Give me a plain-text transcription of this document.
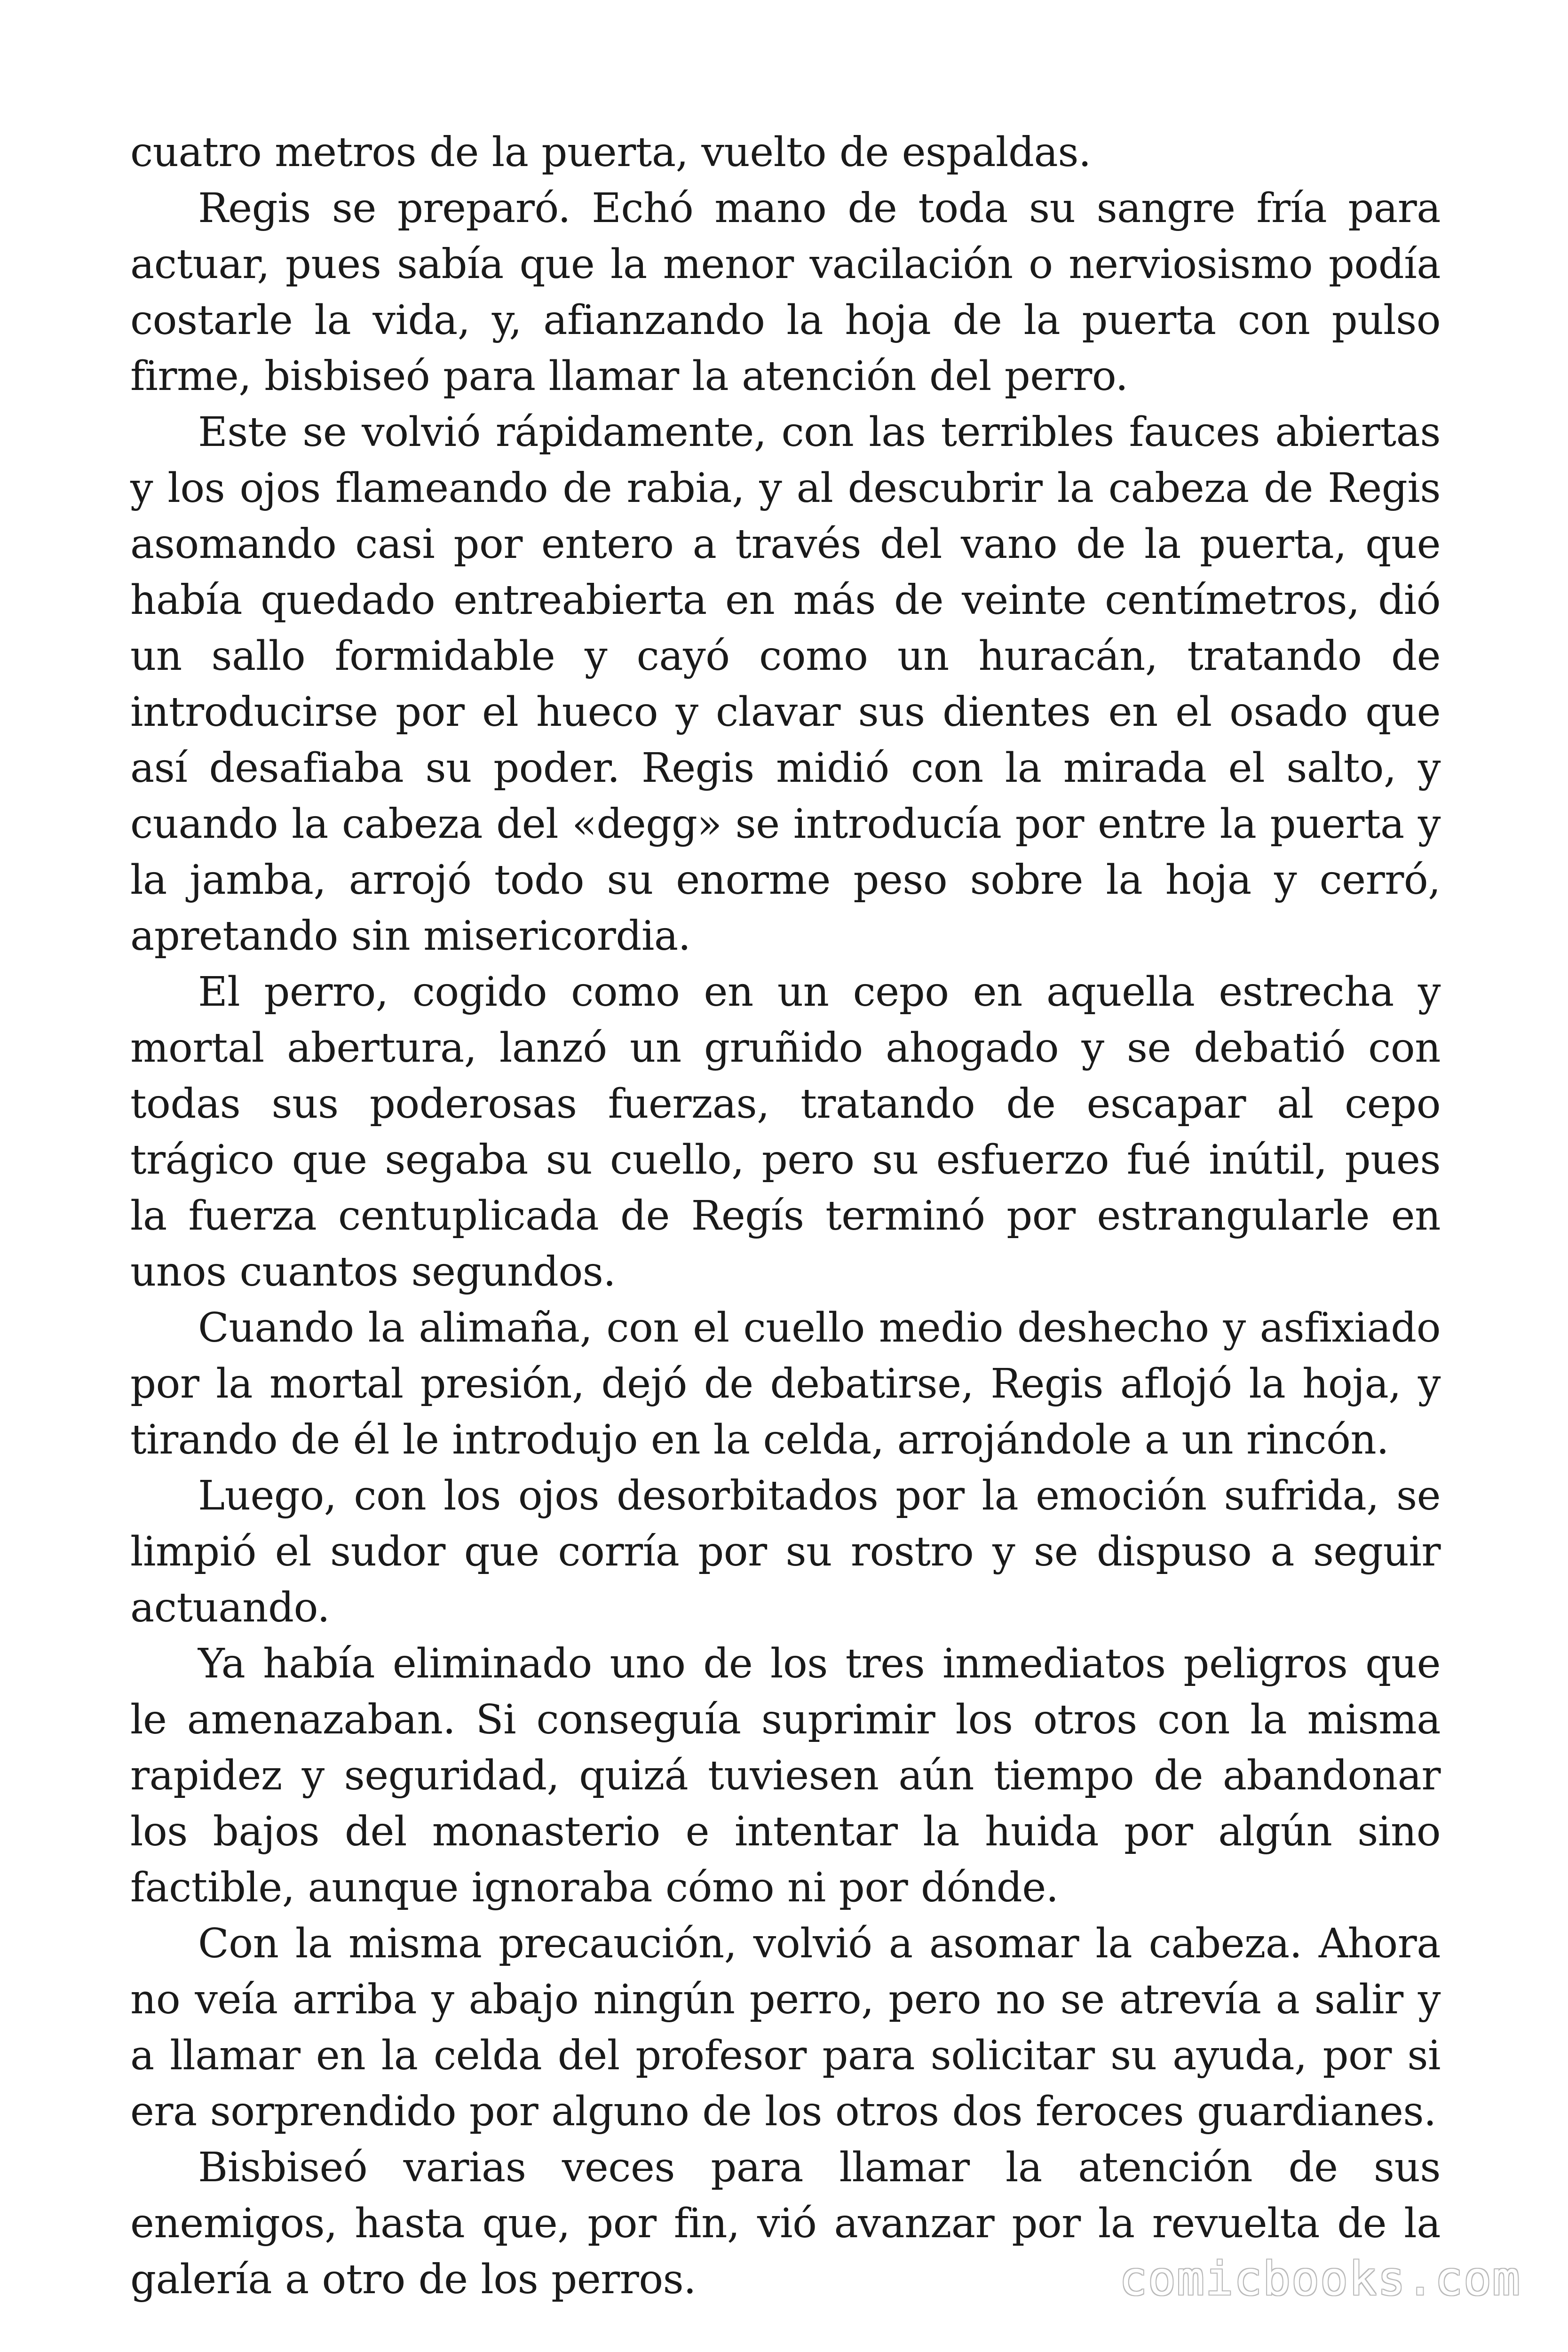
cuatro metros de la puerta, vuelto de espaldas.

Regis se preparó. Echó mano de toda su sangre fría para actuar, pues sabía que la menor vacilación o nerviosismo podía costarle la vida, y, afianzando la hoja de la puerta con pulso firme, bisbiseó para llamar la atención del perro.

Este se volvió rápidamente, con las terribles fauces abiertas y los ojos flameando de rabia, y al descubrir la cabeza de Regis asomando casi por entero a través del vano de la puerta, que había quedado entreabierta en más de veinte centímetros, dió un sallo formidable y cayó como un huracán, tratando de introducirse por el hueco y clavar sus dientes en el osado que así desafiaba su poder. Regis midió con la mirada el salto, y cuando la cabeza del «degg» se introducía por entre la puerta y la jamba, arrojó todo su enorme peso sobre la hoja y cerró, apretando sin misericordia.

El perro, cogido como en un cepo en aquella estrecha y mortal abertura, lanzó un gruñido ahogado y se debatió con todas sus poderosas fuerzas, tratando de escapar al cepo trágico que segaba su cuello, pero su esfuerzo fué inútil, pues la fuerza centuplicada de Regís terminó por estrangularle en unos cuantos segundos.

Cuando la alimaña, con el cuello medio deshecho y asfixiado por la mortal presión, dejó de debatirse, Regis aflojó la hoja, y tirando de él le introdujo en la celda, arrojándole a un rincón.

Luego, con los ojos desorbitados por la emoción sufrida, se limpió el sudor que corría por su rostro y se dispuso a seguir actuando.

Ya había eliminado uno de los tres inmediatos peligros que le amenazaban. Si conseguía suprimir los otros con la misma rapidez y seguridad, quizá tuviesen aún tiempo de abandonar los bajos del monasterio e intentar la huida por algún sino factible, aunque ignoraba cómo ni por dónde.

Con la misma precaución, volvió a asomar la cabeza. Ahora no veía arriba y abajo ningún perro, pero no se atrevía a salir y a llamar en la celda del profesor para solicitar su ayuda, por si era sorprendido por alguno de los otros dos feroces guardianes.

Bisbiseó varias veces para llamar la atención de sus enemigos, hasta que, por fin, vió avanzar por la revuelta de la galería a otro de los perros.	comicbooks.com
